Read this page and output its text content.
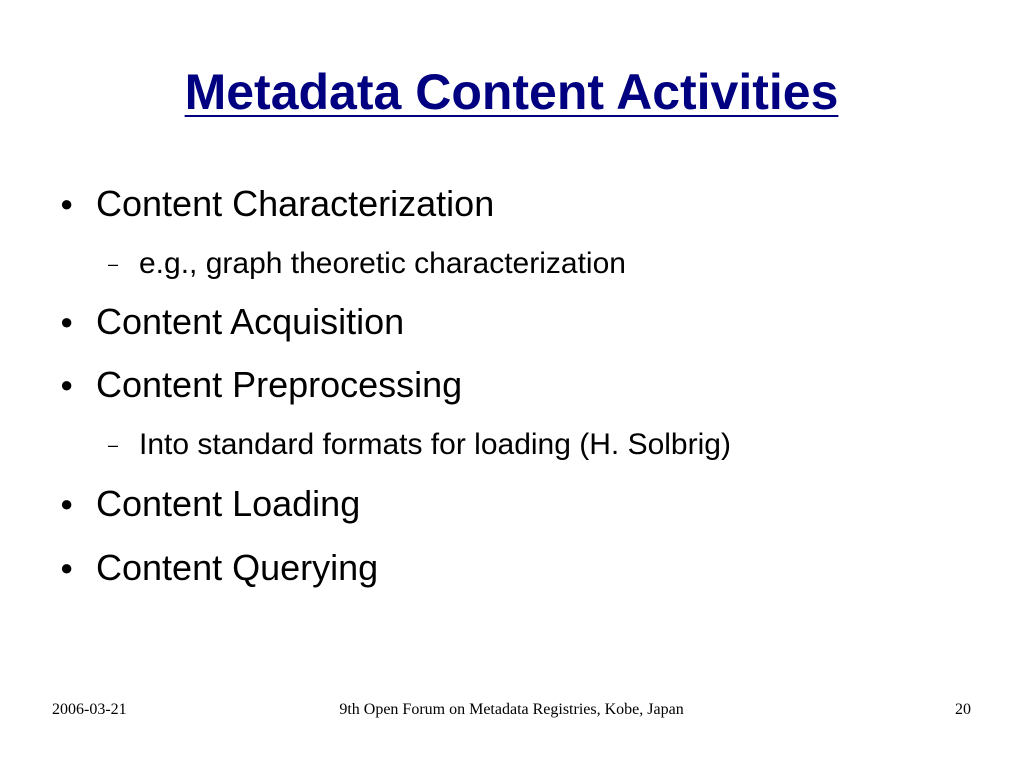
Metadata Content Activities
● Content Characterization
– e.g., graph theoretic characterization
● Content Acquisition
● Content Preprocessing
– Into standard formats for loading (H. Solbrig)
● Content Loading
● Content Querying
2006-03-21	9th Open Forum on Metadata Registries, Kobe, Japan	20
